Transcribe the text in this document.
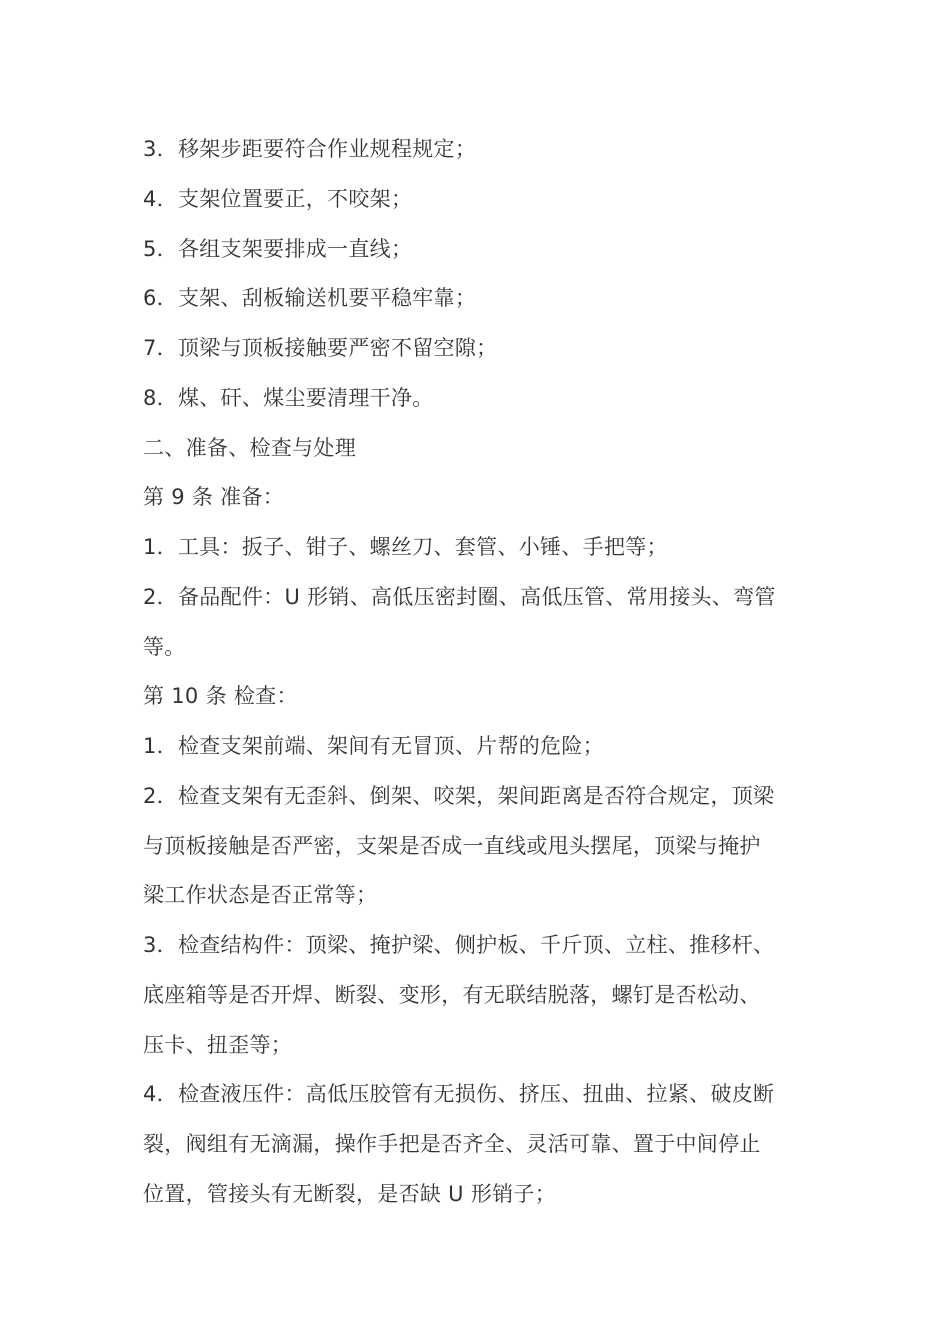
3．移架步距要符合作业规程规定；
4．支架位置要正，不咬架；
5．各组支架要排成一直线；
6．支架、刮板输送机要平稳牢靠；
7．顶梁与顶板接触要严密不留空隙；
8．煤、矸、煤尘要清理干净。
二、准备、检查与处理
第 9 条 准备：
1．工具：扳子、钳子、螺丝刀、套管、小锤、手把等；
2．备品配件：U 形销、高低压密封圈、高低压管、常用接头、弯管
等。
第 10 条 检查：
1．检查支架前端、架间有无冒顶、片帮的危险；
2．检查支架有无歪斜、倒架、咬架，架间距离是否符合规定，顶梁
与顶板接触是否严密，支架是否成一直线或甩头摆尾，顶梁与掩护
梁工作状态是否正常等；
3．检查结构件：顶梁、掩护梁、侧护板、千斤顶、立柱、推移杆、
底座箱等是否开焊、断裂、变形，有无联结脱落，螺钉是否松动、
压卡、扭歪等；
4．检查液压件：高低压胶管有无损伤、挤压、扭曲、拉紧、破皮断
裂，阀组有无滴漏，操作手把是否齐全、灵活可靠、置于中间停止
位置，管接头有无断裂，是否缺 U 形销子；
